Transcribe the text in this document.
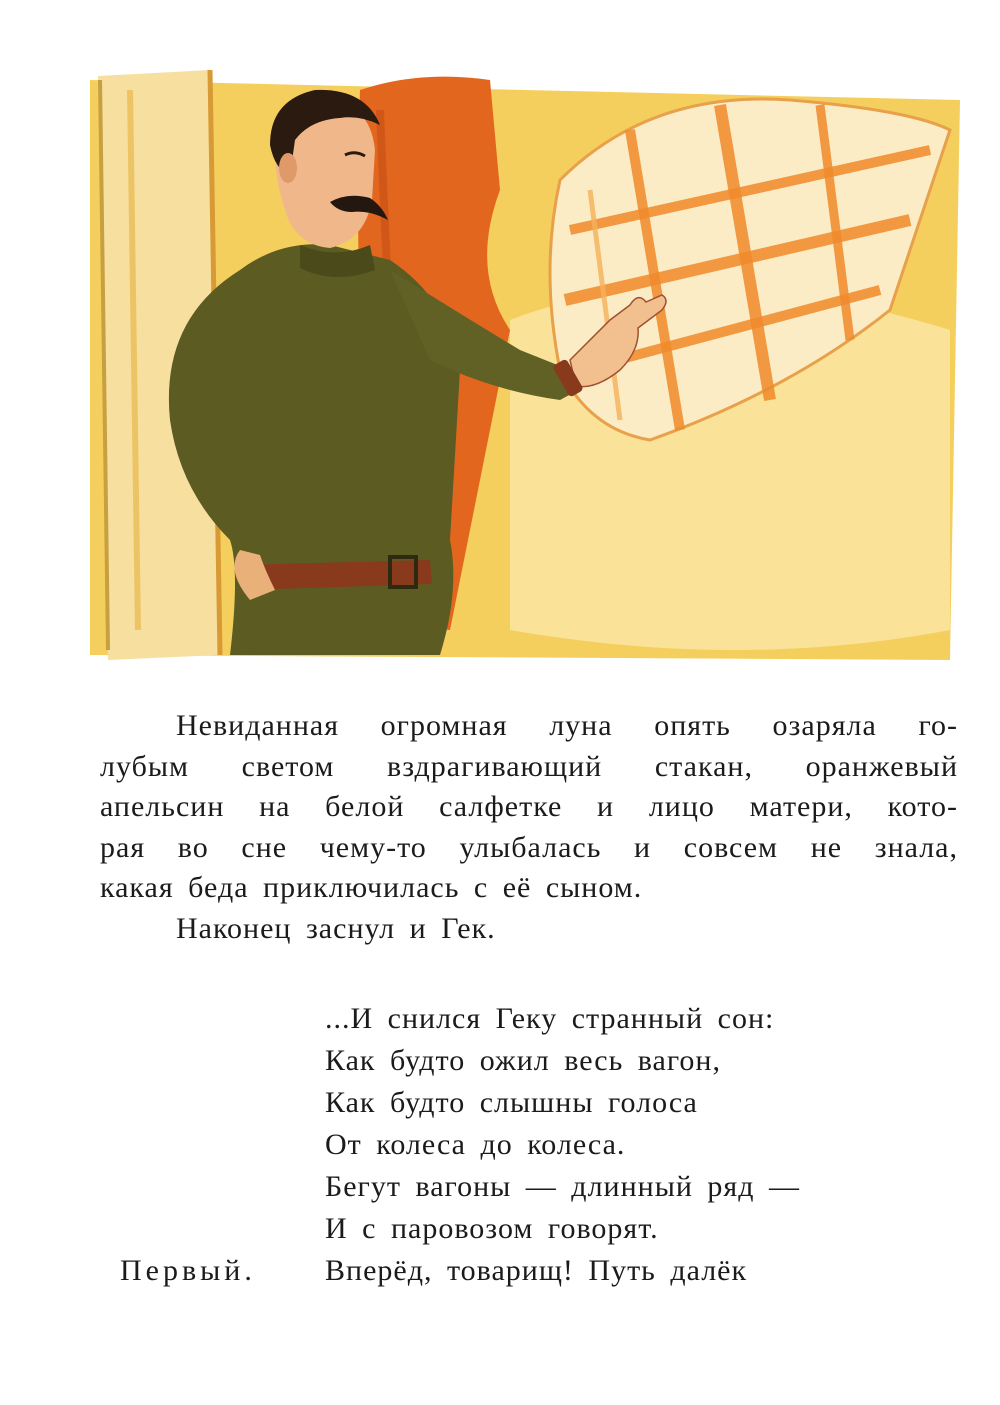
Невиданная огромная луна опять озаряла го-
лубым светом вздрагивающий стакан, оранжевый
апельсин на белой салфетке и лицо матери, кото-
рая во сне чему-то улыбалась и совсем не знала,
какая беда приключилась с её сыном.

Наконец заснул и Гек.

...И снился Геку странный сон:
Как будто ожил весь вагон,
Как будто слышны голоса
От колеса до колеса.
Бегут вагоны — длинный ряд —
И с паровозом говорят.
Первый. Вперёд, товарищ! Путь далёк
